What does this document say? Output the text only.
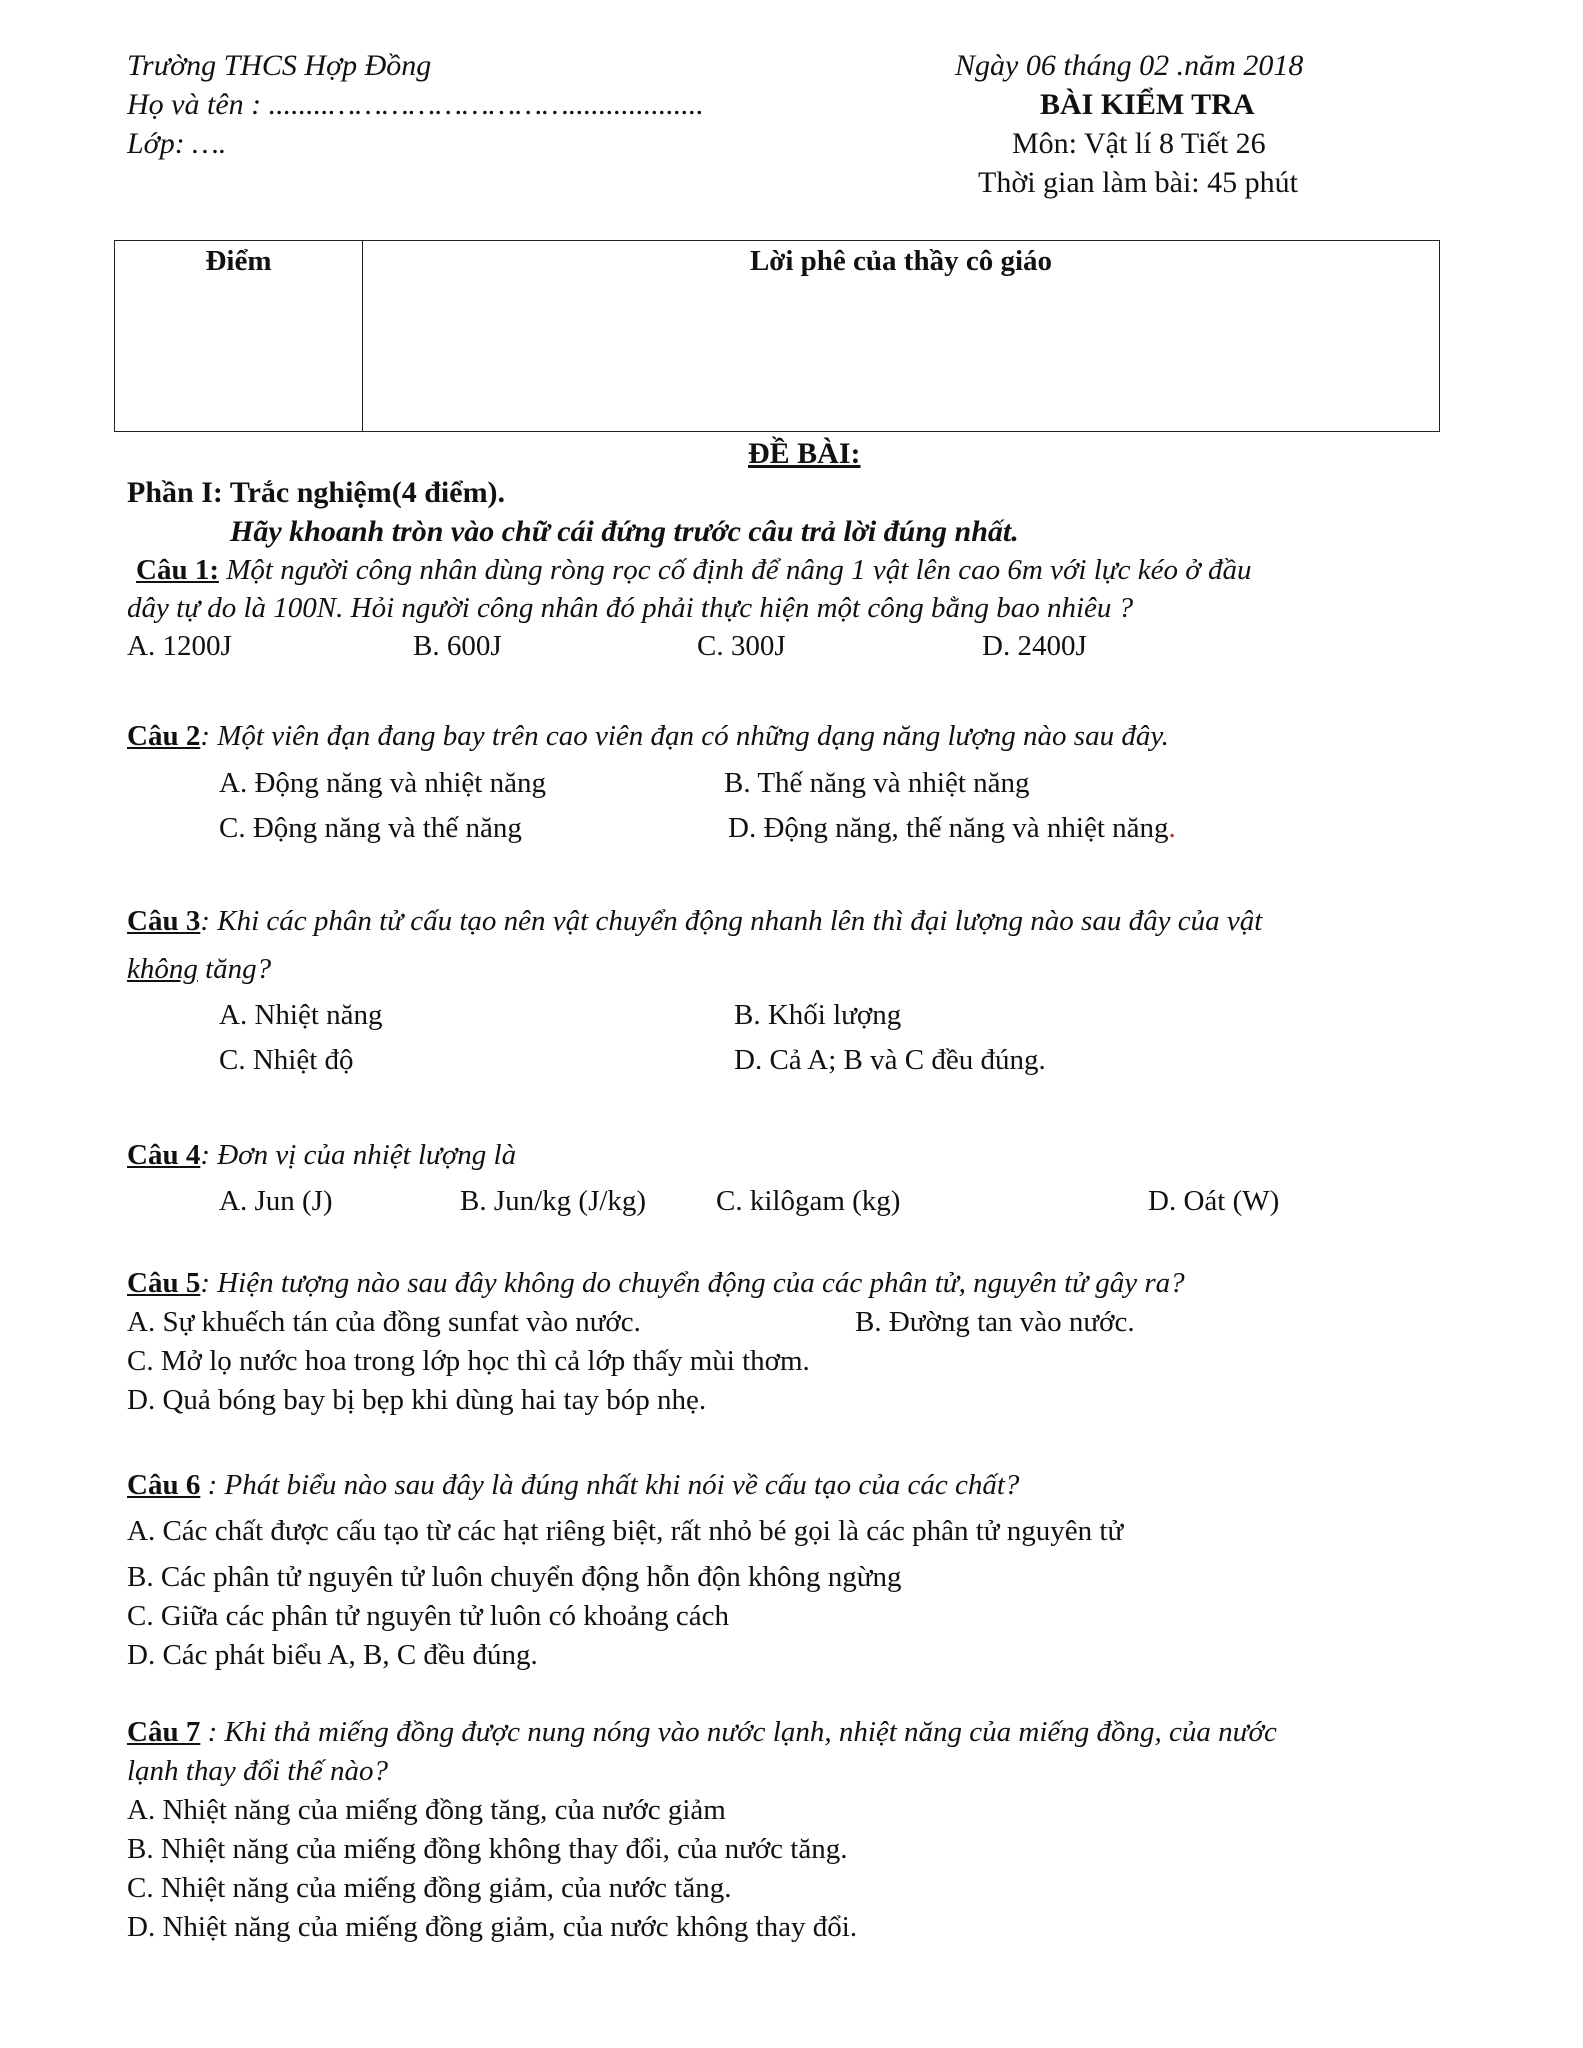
Trường THCS Hợp Đồng
Họ và tên : ........………………………..................
Lớp: ….
Ngày 06 tháng 02 .năm 2018
BÀI KIỂM TRA
Môn: Vật lí 8 Tiết 26
Thời gian làm bài: 45 phút
Điểm	Lời phê của thầy cô giáo
ĐỀ BÀI:
Phần I: Trắc nghiệm(4 điểm).
Hãy khoanh tròn vào chữ cái đứng trước câu trả lời đúng nhất.
Câu 1: Một người công nhân dùng ròng rọc cố định để nâng 1 vật lên cao 6m với lực kéo ở đầu
dây tự do là 100N. Hỏi người công nhân đó phải thực hiện một công bằng bao nhiêu ?
A. 1200J	B. 600J	C. 300J	D. 2400J
Câu 2: Một viên đạn đang bay trên cao viên đạn có những dạng năng lượng nào sau đây.
A. Động năng và nhiệt năng	B. Thế năng và nhiệt năng
C. Động năng và thế năng	D. Động năng, thế năng và nhiệt năng.
Câu 3: Khi các phân tử cấu tạo nên vật chuyển động nhanh lên thì đại lượng nào sau đây của vật
không tăng?
A. Nhiệt năng	B. Khối lượng
C. Nhiệt độ	D. Cả A; B và C đều đúng.
Câu 4: Đơn vị của nhiệt lượng là
A. Jun (J)	B. Jun/kg (J/kg) C. kilôgam (kg)	D. Oát (W)
Câu 5: Hiện tượng nào sau đây không do chuyển động của các phân tử, nguyên tử gây ra?
A. Sự khuếch tán của đồng sunfat vào nước.	B. Đường tan vào nước.
C. Mở lọ nước hoa trong lớp học thì cả lớp thấy mùi thơm.
D. Quả bóng bay bị bẹp khi dùng hai tay bóp nhẹ.
Câu 6 : Phát biểu nào sau đây là đúng nhất khi nói về cấu tạo của các chất?
A. Các chất được cấu tạo từ các hạt riêng biệt, rất nhỏ bé gọi là các phân tử nguyên tử
B. Các phân tử nguyên tử luôn chuyển động hỗn độn không ngừng
C. Giữa các phân tử nguyên tử luôn có khoảng cách
D. Các phát biểu A, B, C đều đúng.
Câu 7 : Khi thả miếng đồng được nung nóng vào nước lạnh, nhiệt năng của miếng đồng, của nước
lạnh thay đổi thế nào?
A. Nhiệt năng của miếng đồng tăng, của nước giảm
B. Nhiệt năng của miếng đồng không thay đổi, của nước tăng.
C. Nhiệt năng của miếng đồng giảm, của nước tăng.
D. Nhiệt năng của miếng đồng giảm, của nước không thay đổi.
